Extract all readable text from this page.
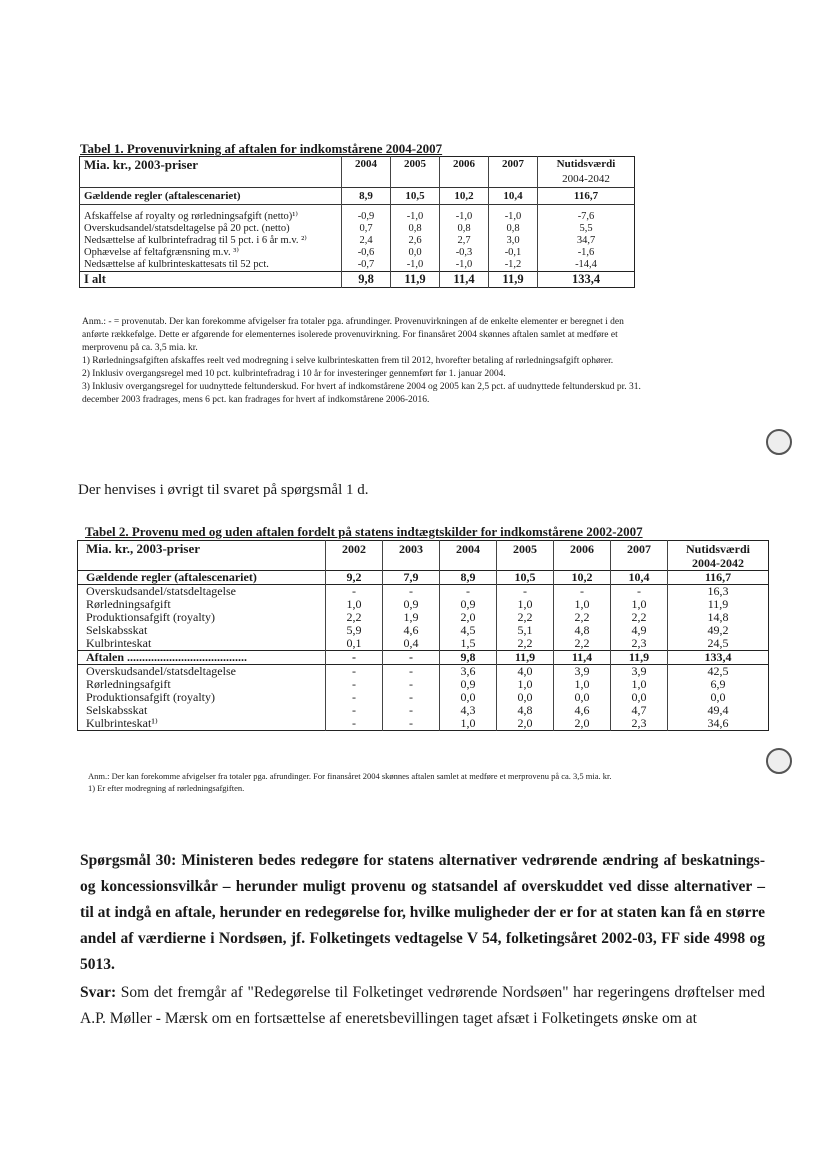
Tabel 1. Provenuvirkning af aftalen for indkomstårene 2004-2007
Mia. kr., 2003-priser	2004	2005	2006	2007	Nutidsværdi
					2004-2042
Gældende regler (aftalescenariet)	8,9	10,5	10,2	10,4	116,7

Afskaffelse af royalty og rørledningsafgift (netto)¹⁾	-0,9	-1,0	-1,0	-1,0	-7,6
Overskudsandel/statsdeltagelse på 20 pct. (netto)	0,7	0,8	0,8	0,8	5,5
Nedsættelse af kulbrintefradrag til 5 pct. i 6 år m.v. ²⁾	2,4	2,6	2,7	3,0	34,7
Ophævelse af feltafgrænsning m.v. ³⁾	-0,6	0,0	-0,3	-0,1	-1,6
Nedsættelse af kulbrinteskattesats til 52 pct.	-0,7	-1,0	-1,0	-1,2	-14,4
I alt	9,8	11,9	11,4	11,9	133,4

Anm.: - = provenutab. Der kan forekomme afvigelser fra totaler pga. afrundinger. Provenuvirkningen af de enkelte elementer er beregnet i den anførte rækkefølge. Dette er afgørende for elementernes isolerede provenuvirkning. For finansåret 2004 skønnes aftalen samlet at medføre et merprovenu på ca. 3,5 mia. kr.

1) Rørledningsafgiften afskaffes reelt ved modregning i selve kulbrinteskatten frem til 2012, hvorefter betaling af rørledningsafgift ophører.

2) Inklusiv overgangsregel med 10 pct. kulbrintefradrag i 10 år for investeringer gennemført før 1. januar 2004.

3) Inklusiv overgangsregel for uudnyttede feltunderskud. For hvert af indkomstårene 2004 og 2005 kan 2,5 pct. af uudnyttede feltunderskud pr. 31. december 2003 fradrages, mens 6 pct. kan fradrages for hvert af indkomstårene 2006-2016.

Der henvises i øvrigt til svaret på spørgsmål 1 d.
Tabel 2. Provenu med og uden aftalen fordelt på statens indtægtskilder for indkomstårene 2002-2007
Mia. kr., 2003-priser	2002	2003	2004	2005	2006	2007	Nutidsværdi
							2004-2042
Gældende regler (aftalescenariet)	9,2	7,9	8,9	10,5	10,2	10,4	116,7
Overskudsandel/statsdeltagelse	-	-	-	-	-	-	16,3
Rørledningsafgift	1,0	0,9	0,9	1,0	1,0	1,0	11,9
Produktionsafgift (royalty)	2,2	1,9	2,0	2,2	2,2	2,2	14,8
Selskabsskat	5,9	4,6	4,5	5,1	4,8	4,9	49,2
Kulbrinteskat	0,1	0,4	1,5	2,2	2,2	2,3	24,5
Aftalen ........................................	-	-	9,8	11,9	11,4	11,9	133,4
Overskudsandel/statsdeltagelse	-	-	3,6	4,0	3,9	3,9	42,5
Rørledningsafgift	-	-	0,9	1,0	1,0	1,0	6,9
Produktionsafgift (royalty)	-	-	0,0	0,0	0,0	0,0	0,0
Selskabsskat	-	-	4,3	4,8	4,6	4,7	49,4
Kulbrinteskat¹⁾	-	-	1,0	2,0	2,0	2,3	34,6

Anm.: Der kan forekomme afvigelser fra totaler pga. afrundinger. For finansåret 2004 skønnes aftalen samlet at medføre et merprovenu på ca. 3,5 mia. kr.

1) Er efter modregning af rørledningsafgiften.

Spørgsmål 30: Ministeren bedes redegøre for statens alternativer vedrørende ændring af beskatnings- og koncessionsvilkår – herunder muligt provenu og statsandel af overskuddet ved disse alternativer – til at indgå en aftale, herunder en redegørelse for, hvilke muligheder der er for at staten kan få en større andel af værdierne i Nordsøen, jf. Folketingets vedtagelse V 54, folketingsåret 2002-03, FF side 4998 og 5013.
Svar: Som det fremgår af "Redegørelse til Folketinget vedrørende Nordsøen" har regeringens drøftelser med A.P. Møller - Mærsk om en fortsættelse af eneretsbevillingen taget afsæt i Folketingets ønske om at
